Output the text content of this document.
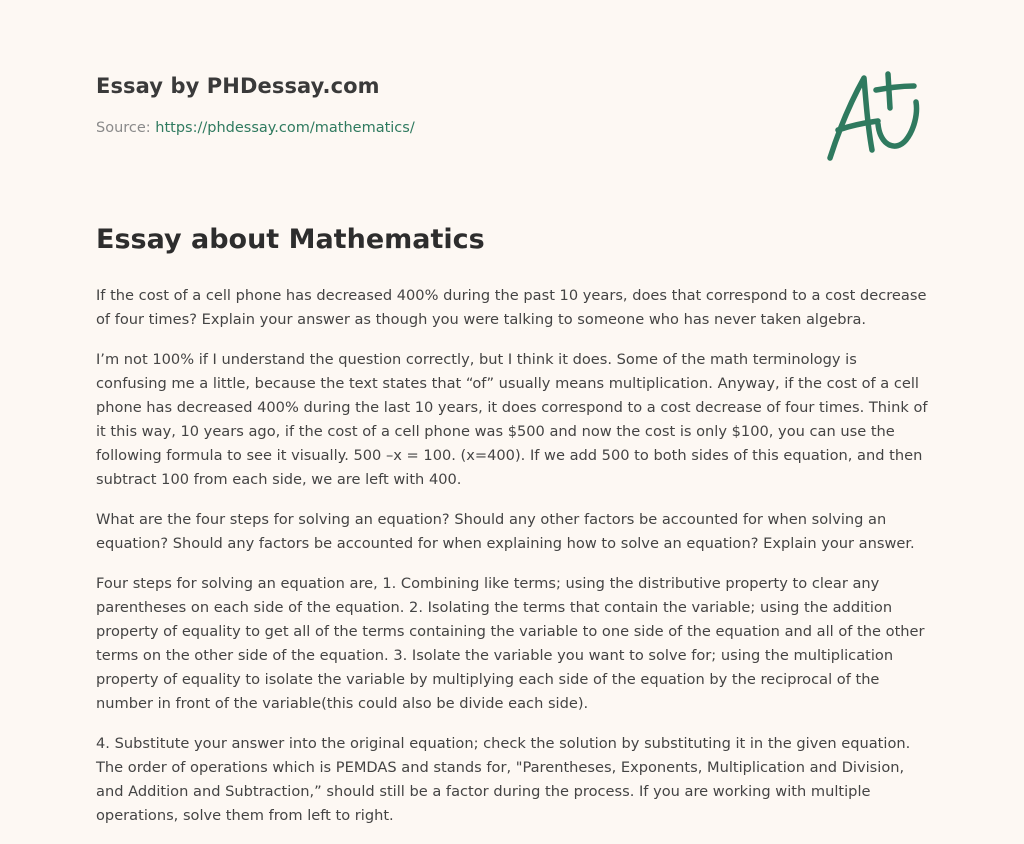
Essay by PHDessay.com
Source: https://phdessay.com/mathematics/
Essay about Mathematics

If the cost of a cell phone has decreased 400% during the past 10 years, does that correspond to a cost decrease of four times? Explain your answer as though you were talking to someone who has never taken algebra.

I’m not 100% if I understand the question correctly, but I think it does. Some of the math terminology is confusing me a little, because the text states that “of” usually means multiplication. Anyway, if the cost of a cell phone has decreased 400% during the last 10 years, it does correspond to a cost decrease of four times. Think of it this way, 10 years ago, if the cost of a cell phone was $500 and now the cost is only $100, you can use the following formula to see it visually. 500 –x = 100. (x=400). If we add 500 to both sides of this equation, and then subtract 100 from each side, we are left with 400.

What are the four steps for solving an equation? Should any other factors be accounted for when solving an equation? Should any factors be accounted for when explaining how to solve an equation? Explain your answer.

Four steps for solving an equation are, 1. Combining like terms; using the distributive property to clear any parentheses on each side of the equation. 2. Isolating the terms that contain the variable; using the addition property of equality to get all of the terms containing the variable to one side of the equation and all of the other terms on the other side of the equation. 3. Isolate the variable you want to solve for; using the multiplication property of equality to isolate the variable by multiplying each side of the equation by the reciprocal of the number in front of the variable(this could also be divide each side).

4. Substitute your answer into the original equation; check the solution by substituting it in the given equation. The order of operations which is PEMDAS and stands for, "Parentheses, Exponents, Multiplication and Division, and Addition and Subtraction,” should still be a factor during the process. If you are working with multiple operations, solve them from left to right.
